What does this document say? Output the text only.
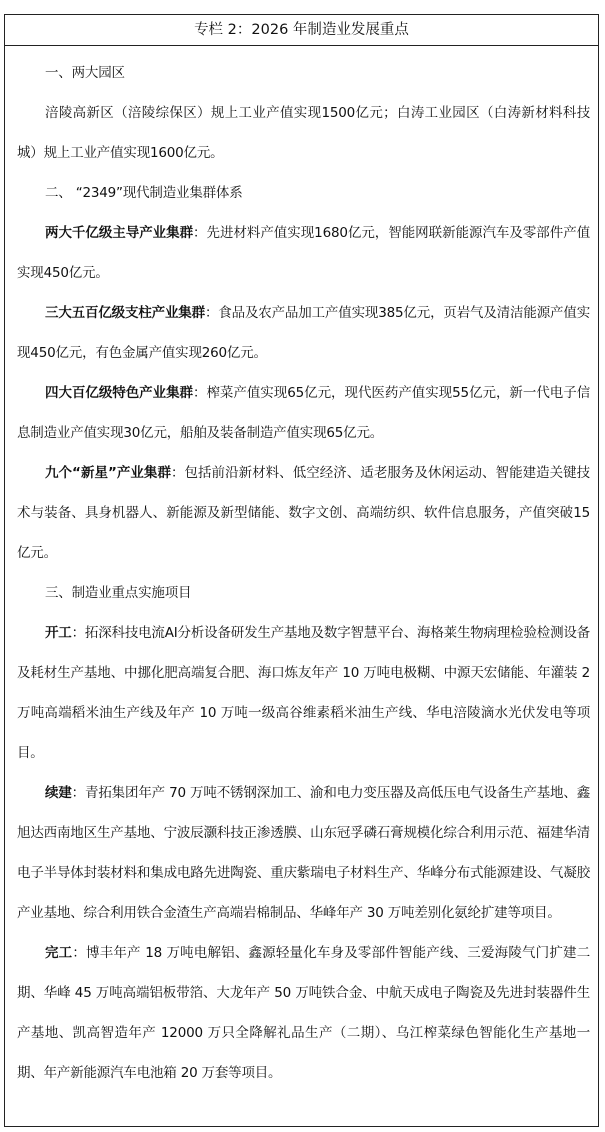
专栏 2：2026 年制造业发展重点

一、两大园区

涪陵高新区（涪陵综保区）规上工业产值实现1500亿元；白涛工业园区（白涛新材料科技城）规上工业产值实现1600亿元。

二、 “2349”现代制造业集群体系

两大千亿级主导产业集群：先进材料产值实现1680亿元，智能网联新能源汽车及零部件产值实现450亿元。

三大五百亿级支柱产业集群：食品及农产品加工产值实现385亿元，页岩气及清洁能源产值实现450亿元，有色金属产值实现260亿元。

四大百亿级特色产业集群：榨菜产值实现65亿元，现代医药产值实现55亿元，新一代电子信息制造业产值实现30亿元，船舶及装备制造产值实现65亿元。

九个“新星”产业集群：包括前沿新材料、低空经济、适老服务及休闲运动、智能建造关键技术与装备、具身机器人、新能源及新型储能、数字文创、高端纺织、软件信息服务，产值突破15亿元。

三、制造业重点实施项目

开工：拓深科技电流AI分析设备研发生产基地及数字智慧平台、海格莱生物病理检验检测设备及耗材生产基地、中挪化肥高端复合肥、海口炼友年产 10 万吨电极糊、中源天宏储能、年灌装 2 万吨高端稻米油生产线及年产 10 万吨一级高谷维素稻米油生产线、华电涪陵滴水光伏发电等项目。

续建：青拓集团年产 70 万吨不锈钢深加工、渝和电力变压器及高低压电气设备生产基地、鑫旭达西南地区生产基地、宁波辰灏科技正渗透膜、山东冠孚磷石膏规模化综合利用示范、福建华清电子半导体封装材料和集成电路先进陶瓷、重庆紫瑞电子材料生产、华峰分布式能源建设、气凝胶产业基地、综合利用铁合金渣生产高端岩棉制品、华峰年产 30 万吨差别化氨纶扩建等项目。

完工：博丰年产 18 万吨电解铝、鑫源轻量化车身及零部件智能产线、三爱海陵气门扩建二期、华峰 45 万吨高端铝板带箔、大龙年产 50 万吨铁合金、中航天成电子陶瓷及先进封装器件生产基地、凯高智造年产 12000 万只全降解礼品生产（二期）、乌江榨菜绿色智能化生产基地一期、年产新能源汽车电池箱 20 万套等项目。
